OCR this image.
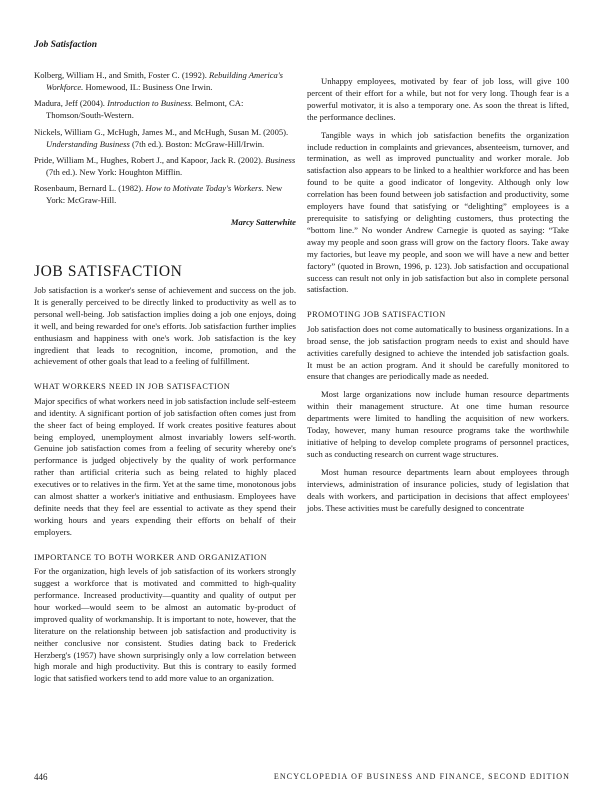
Job Satisfaction

Kolberg, William H., and Smith, Foster C. (1992). Rebuilding America's Workforce. Homewood, IL: Business One Irwin.

Madura, Jeff (2004). Introduction to Business. Belmont, CA: Thomson/South-Western.

Nickels, William G., McHugh, James M., and McHugh, Susan M. (2005). Understanding Business (7th ed.). Boston: McGraw-Hill/Irwin.

Pride, William M., Hughes, Robert J., and Kapoor, Jack R. (2002). Business (7th ed.). New York: Houghton Mifflin.

Rosenbaum, Bernard L. (1982). How to Motivate Today's Workers. New York: McGraw-Hill.

Marcy Satterwhite
JOB SATISFACTION

Job satisfaction is a worker's sense of achievement and success on the job. It is generally perceived to be directly linked to productivity as well as to personal well-being. Job satisfaction implies doing a job one enjoys, doing it well, and being rewarded for one's efforts. Job satisfaction further implies enthusiasm and happiness with one's work. Job satisfaction is the key ingredient that leads to recognition, income, promotion, and the achievement of other goals that lead to a feeling of fulfillment.

WHAT WORKERS NEED IN JOB SATISFACTION

Major specifics of what workers need in job satisfaction include self-esteem and identity. A significant portion of job satisfaction often comes just from the sheer fact of being employed. If work creates positive features about being employed, unemployment almost invariably lowers self-worth. Genuine job satisfaction comes from a feeling of security whereby one's performance is judged objectively by the quality of work performance rather than artificial criteria such as being related to highly placed executives or to relatives in the firm. Yet at the same time, monotonous jobs can almost shatter a worker's initiative and enthusiasm. Employees have definite needs that they feel are essential to activate as they spend their working hours and years expending their efforts on behalf of their employers.

IMPORTANCE TO BOTH WORKER AND ORGANIZATION

For the organization, high levels of job satisfaction of its workers strongly suggest a workforce that is motivated and committed to high-quality performance. Increased productivity—quantity and quality of output per hour worked—would seem to be almost an automatic by-product of improved quality of workmanship. It is important to note, however, that the literature on the relationship between job satisfaction and productivity is neither conclusive nor consistent. Studies dating back to Frederick Herzberg's (1957) have shown surprisingly only a low correlation between high morale and high productivity. But this is contrary to easily formed logic that satisfied workers tend to add more value to an organization.

Unhappy employees, motivated by fear of job loss, will give 100 percent of their effort for a while, but not for very long. Though fear is a powerful motivator, it is also a temporary one. As soon the threat is lifted, the performance declines.

Tangible ways in which job satisfaction benefits the organization include reduction in complaints and grievances, absenteeism, turnover, and termination, as well as improved punctuality and worker morale. Job satisfaction also appears to be linked to a healthier workforce and has been found to be quite a good indicator of longevity. Although only low correlation has been found between job satisfaction and productivity, some employers have found that satisfying or “delighting” employees is a prerequisite to satisfying or delighting customers, thus protecting the “bottom line.” No wonder Andrew Carnegie is quoted as saying: “Take away my people and soon grass will grow on the factory floors. Take away my factories, but leave my people, and soon we will have a new and better factory” (quoted in Brown, 1996, p. 123). Job satisfaction and occupational success can result not only in job satisfaction but also in complete personal satisfaction.

PROMOTING JOB SATISFACTION

Job satisfaction does not come automatically to business organizations. In a broad sense, the job satisfaction program needs to exist and should have activities carefully designed to achieve the intended job satisfaction goals. It must be an action program. And it should be carefully monitored to ensure that changes are periodically made as needed.

Most large organizations now include human resource departments within their management structure. At one time human resource departments were limited to handling the acquisition of new workers. Today, however, many human resource programs take the worthwhile initiative of helping to develop complete programs of personnel practices, such as conducting research on current wage structures.

Most human resource departments learn about employees through interviews, administration of insurance policies, study of legislation that deals with workers, and participation in decisions that affect employees' jobs. These activities must be carefully designed to concentrate

446	ENCYCLOPEDIA OF BUSINESS AND FINANCE, SECOND EDITION
